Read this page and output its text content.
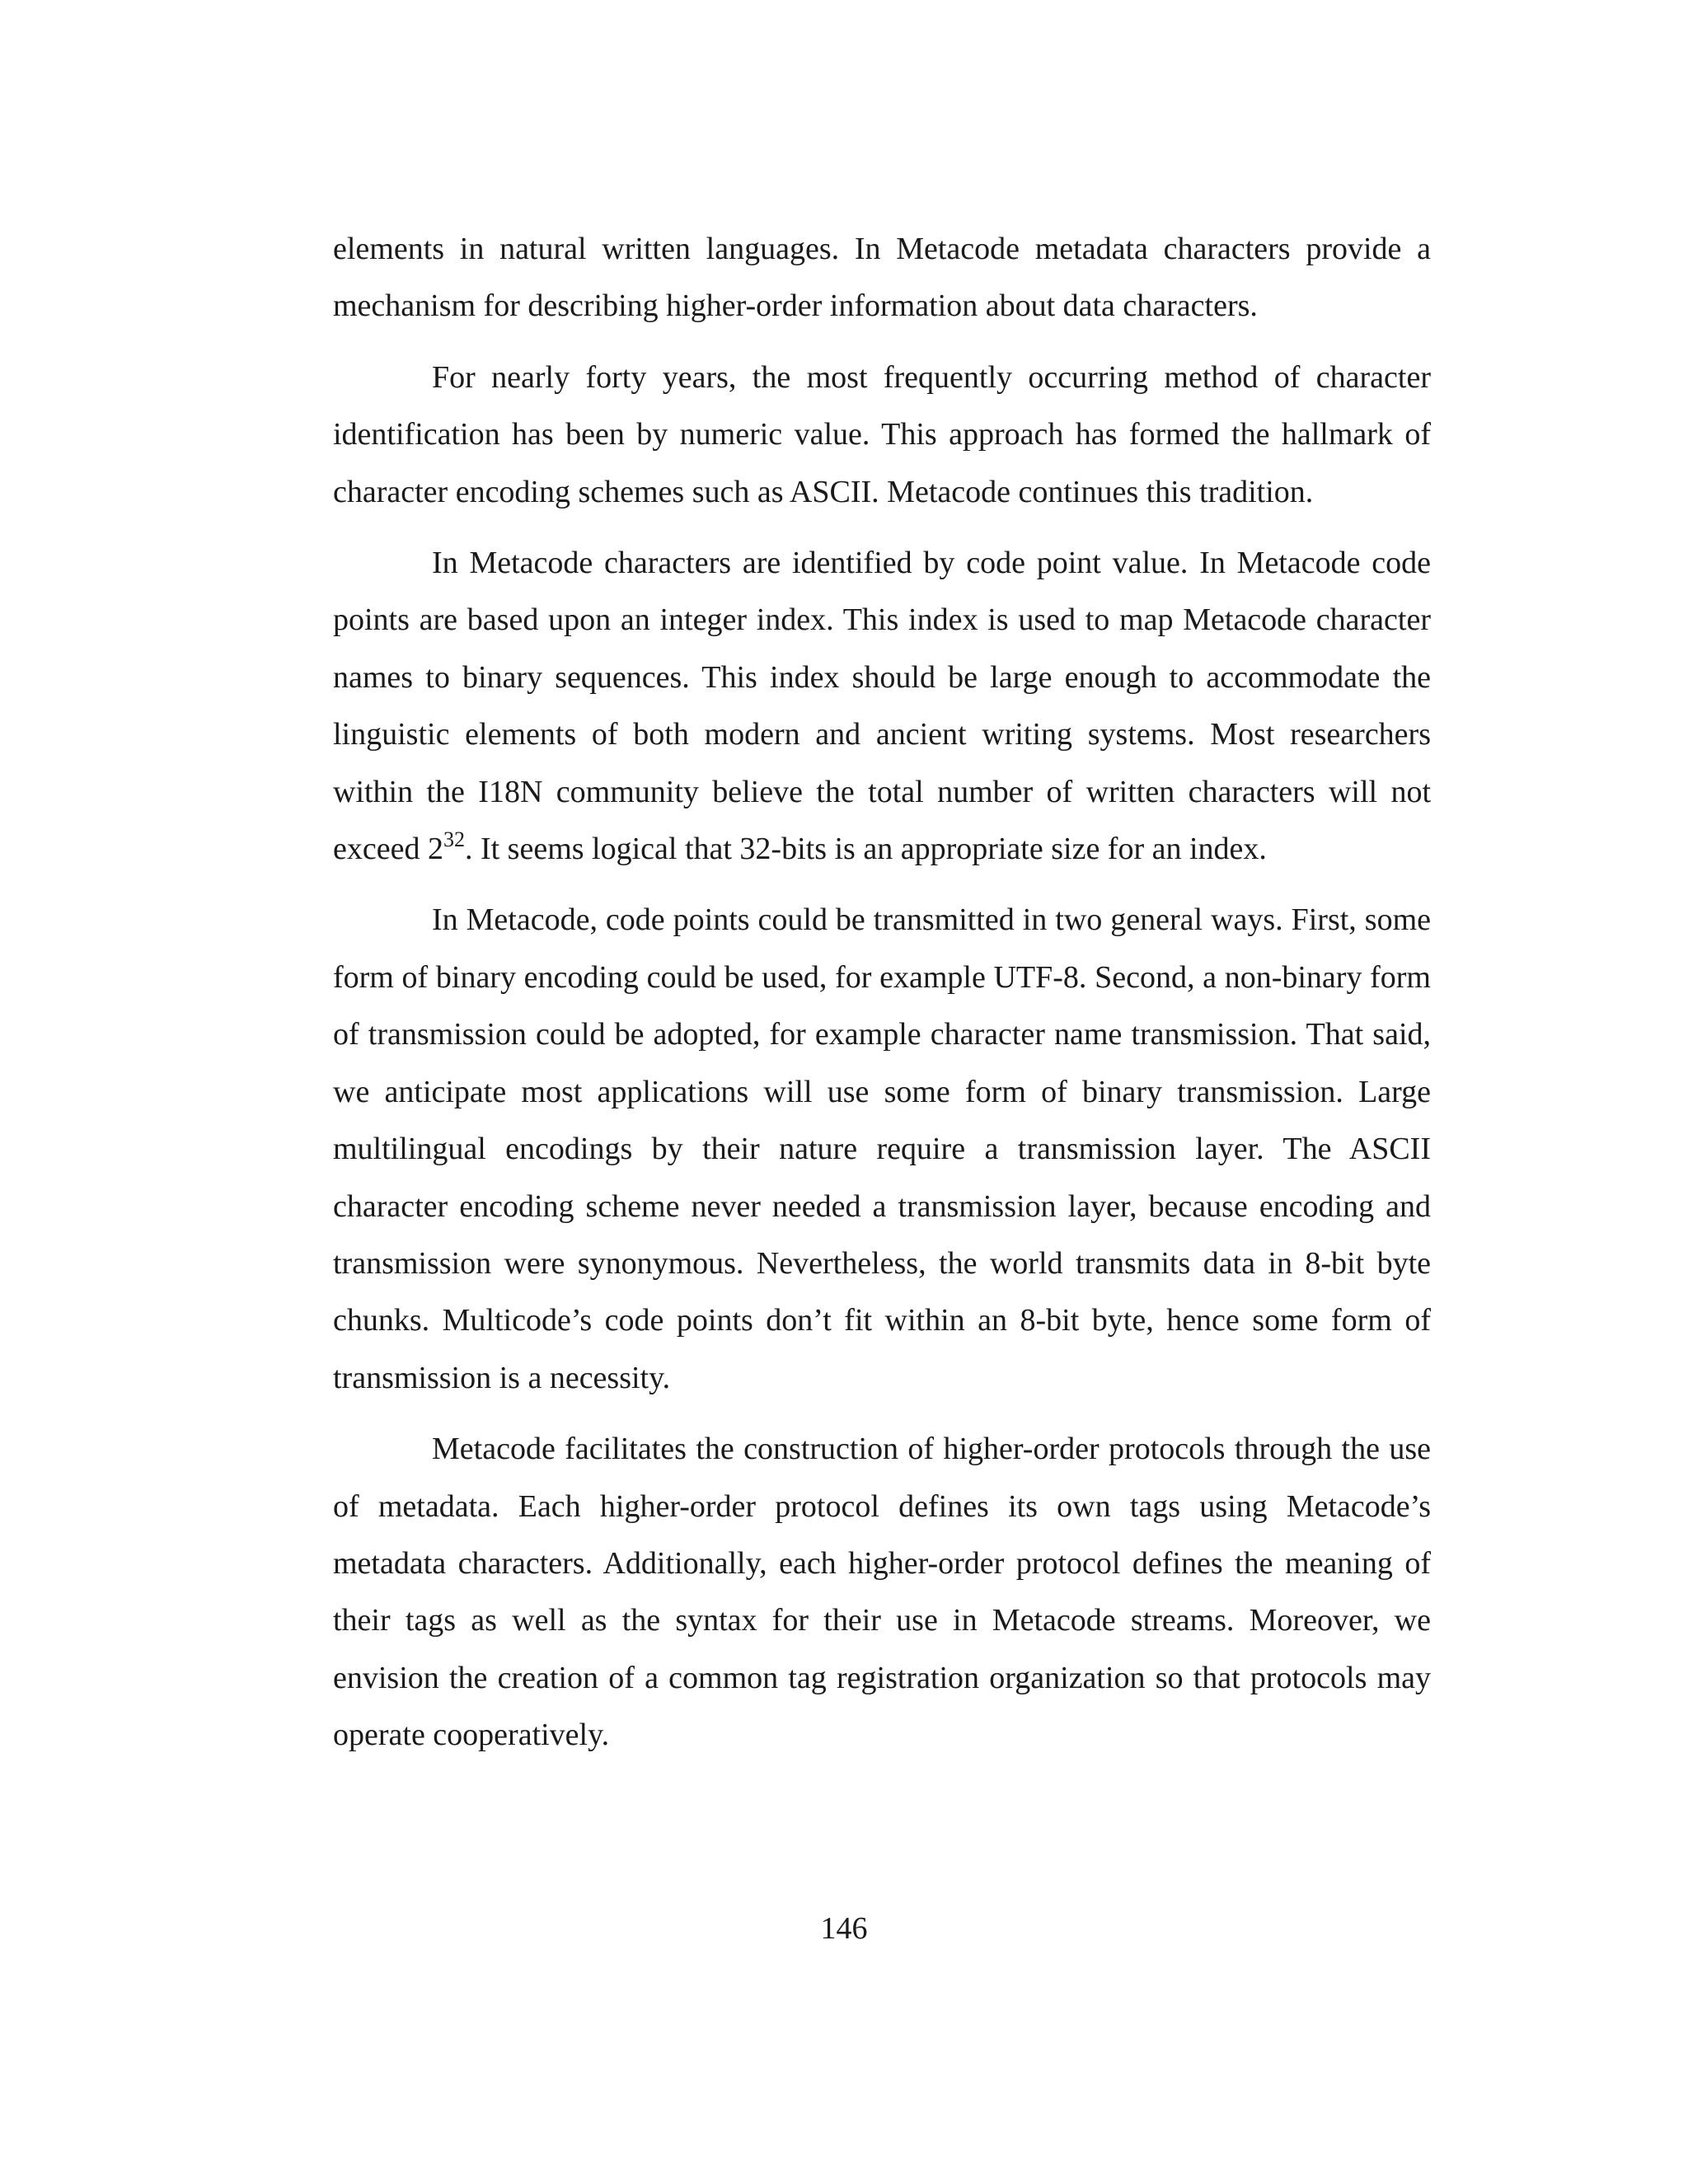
elements in natural written languages. In Metacode metadata characters provide a mechanism for describing higher-order information about data characters.

For nearly forty years, the most frequently occurring method of character identification has been by numeric value. This approach has formed the hallmark of character encoding schemes such as ASCII. Metacode continues this tradition.

In Metacode characters are identified by code point value. In Metacode code points are based upon an integer index. This index is used to map Metacode character names to binary sequences. This index should be large enough to accommodate the linguistic elements of both modern and ancient writing systems. Most researchers within the I18N community believe the total number of written characters will not exceed $2^{32}$. It seems logical that 32-bits is an appropriate size for an index.

In Metacode, code points could be transmitted in two general ways. First, some form of binary encoding could be used, for example UTF-8. Second, a non-binary form of transmission could be adopted, for example character name transmission. That said, we anticipate most applications will use some form of binary transmission. Large multilingual encodings by their nature require a transmission layer. The ASCII character encoding scheme never needed a transmission layer, because encoding and transmission were synonymous. Nevertheless, the world transmits data in 8-bit byte chunks. Multicode’s code points don’t fit within an 8-bit byte, hence some form of transmission is a necessity.

Metacode facilitates the construction of higher-order protocols through the use of metadata. Each higher-order protocol defines its own tags using Metacode’s metadata characters. Additionally, each higher-order protocol defines the meaning of their tags as well as the syntax for their use in Metacode streams. Moreover, we envision the creation of a common tag registration organization so that protocols may operate cooperatively.

146
